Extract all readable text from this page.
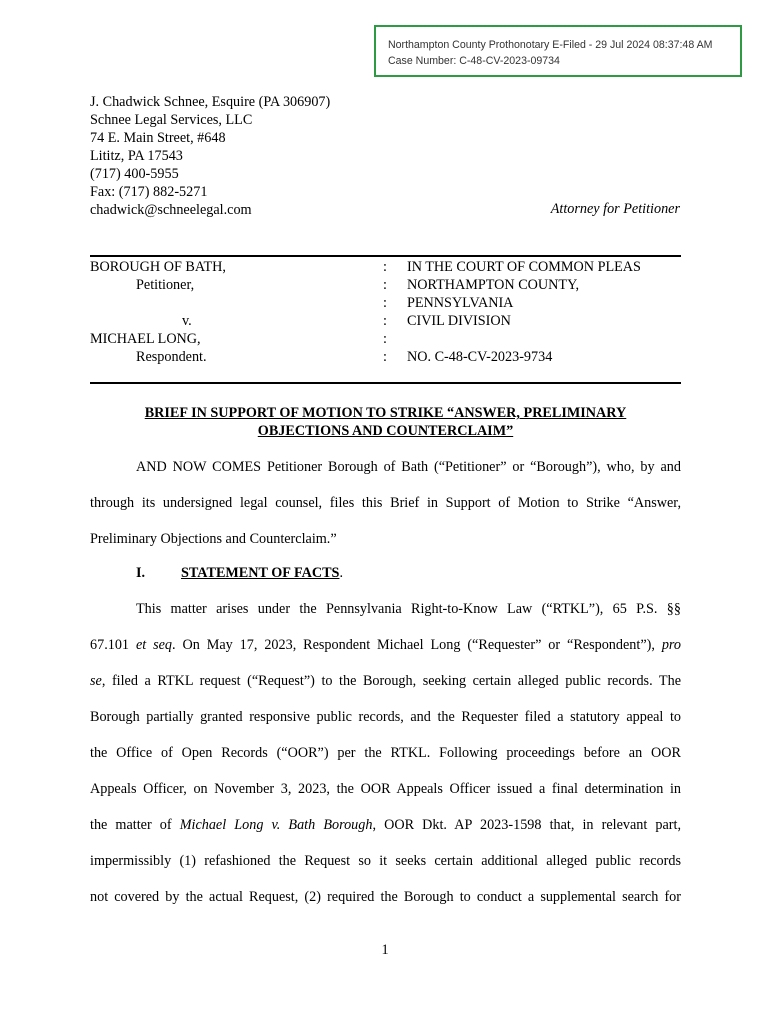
Northampton County Prothonotary E-Filed - 29 Jul 2024 08:37:48 AM
Case Number: C-48-CV-2023-09734
J. Chadwick Schnee, Esquire (PA 306907)
Schnee Legal Services, LLC
74 E. Main Street, #648
Lititz, PA 17543
(717) 400-5955
Fax: (717) 882-5271
chadwick@schneelegal.com	Attorney for Petitioner
BOROUGH OF BATH,
Petitioner,

v.
MICHAEL LONG,
Respondent.
:
:
:
:
:
:
IN THE COURT OF COMMON PLEAS
NORTHAMPTON COUNTY,
PENNSYLVANIA
CIVIL DIVISION

NO. C-48-CV-2023-9734
BRIEF IN SUPPORT OF MOTION TO STRIKE “ANSWER, PRELIMINARY
OBJECTIONS AND COUNTERCLAIM”
AND NOW COMES Petitioner Borough of Bath (“Petitioner” or “Borough”), who, by and
through its undersigned legal counsel, files this Brief in Support of Motion to Strike “Answer,
Preliminary Objections and Counterclaim.”
I.	STATEMENT OF FACTS.
This matter arises under the Pennsylvania Right-to-Know Law (“RTKL”), 65 P.S. §§
67.101 et seq. On May 17, 2023, Respondent Michael Long (“Requester” or “Respondent”), pro
se, filed a RTKL request (“Request”) to the Borough, seeking certain alleged public records. The
Borough partially granted responsive public records, and the Requester filed a statutory appeal to
the Office of Open Records (“OOR”) per the RTKL. Following proceedings before an OOR
Appeals Officer, on November 3, 2023, the OOR Appeals Officer issued a final determination in
the matter of Michael Long v. Bath Borough, OOR Dkt. AP 2023-1598 that, in relevant part,
impermissibly (1) refashioned the Request so it seeks certain additional alleged public records
not covered by the actual Request, (2) required the Borough to conduct a supplemental search for
1
